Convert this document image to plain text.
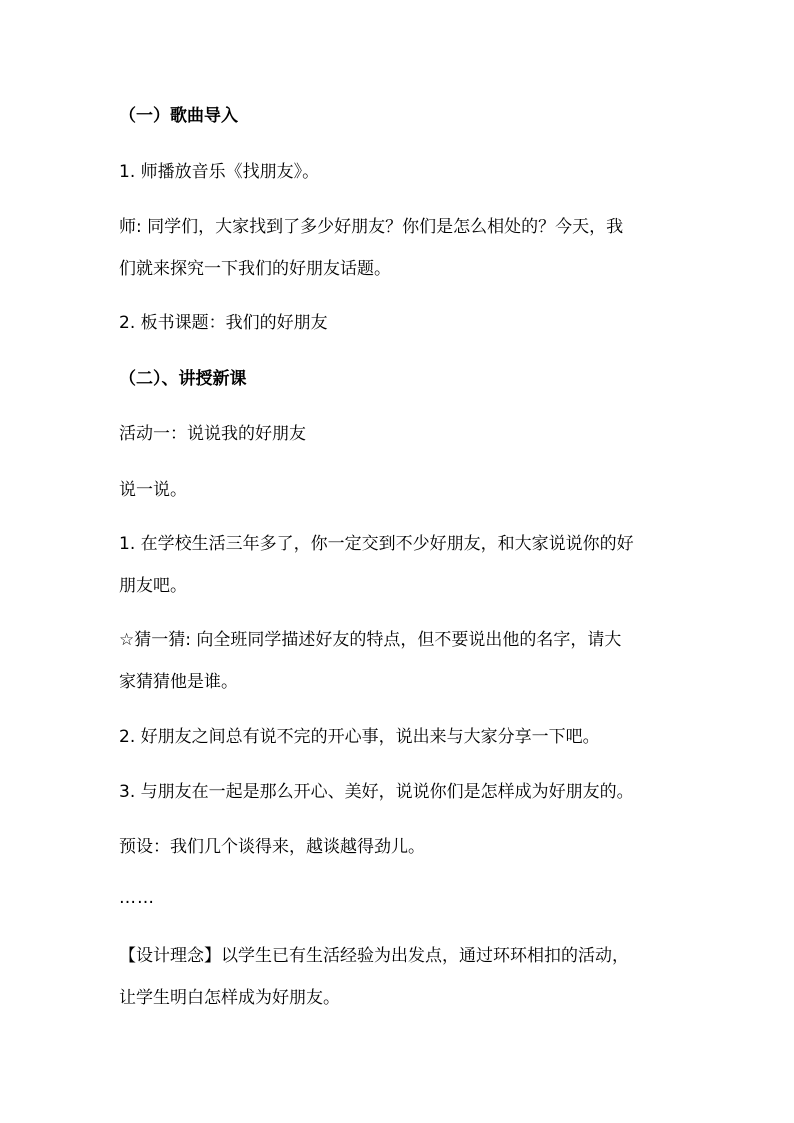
（一）歌曲导入
1. 师播放音乐《找朋友》。
师: 同学们，大家找到了多少好朋友？你们是怎么相处的？今天，我
们就来探究一下我们的好朋友话题。
2. 板书课题：我们的好朋友
（二）、讲授新课
活动一：说说我的好朋友
说一说。
1. 在学校生活三年多了，你一定交到不少好朋友，和大家说说你的好
朋友吧。
☆猜一猜: 向全班同学描述好友的特点，但不要说出他的名字，请大
家猜猜他是谁。
2. 好朋友之间总有说不完的开心事，说出来与大家分享一下吧。
3. 与朋友在一起是那么开心、美好，说说你们是怎样成为好朋友的。
预设：我们几个谈得来，越谈越得劲儿。
……
【设计理念】以学生已有生活经验为出发点，通过环环相扣的活动，
让学生明白怎样成为好朋友。
